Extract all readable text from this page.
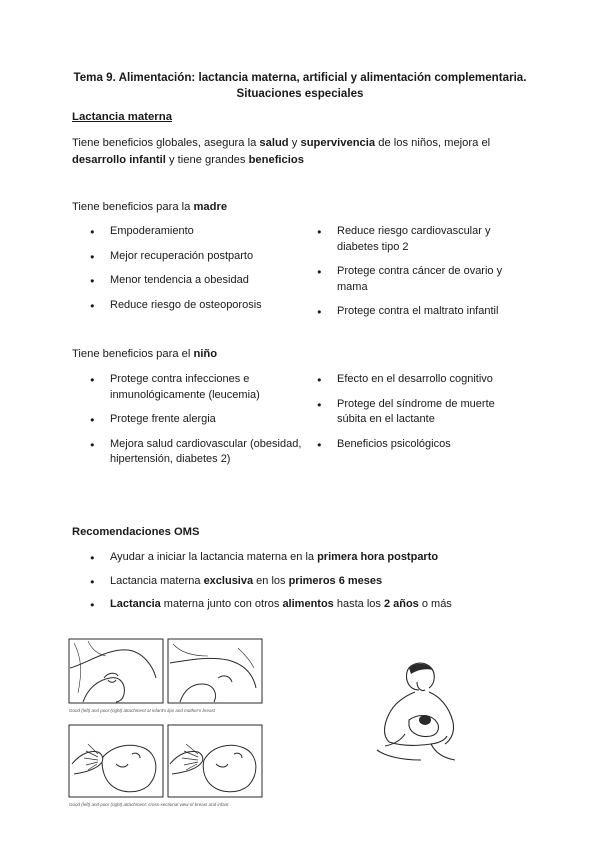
Tema 9. Alimentación: lactancia materna, artificial y alimentación complementaria.
Situaciones especiales
Lactancia materna
Tiene beneficios globales, asegura la salud y supervivencia de los niños, mejora el desarrollo infantil y tiene grandes beneficios
Tiene beneficios para la madre
● Empoderamiento
● Mejor recuperación postparto
● Menor tendencia a obesidad
● Reduce riesgo de osteoporosis
● Reduce riesgo cardiovascular y diabetes tipo 2
● Protege contra cáncer de ovario y mama
● Protege contra el maltrato infantil
Tiene beneficios para el niño
● Protege contra infecciones e inmunológicamente (leucemia)
● Protege frente alergia
● Mejora salud cardiovascular (obesidad, hipertensión, diabetes 2)
● Efecto en el desarrollo cognitivo
● Protege del síndrome de muerte súbita en el lactante
● Beneficios psicológicos
Recomendaciones OMS
● Ayudar a iniciar la lactancia materna en la primera hora postparto
● Lactancia materna exclusiva en los primeros 6 meses
● Lactancia materna junto con otros alimentos hasta los 2 años o más
Good (left) and poor (right) attachment at infant's lips and mother's breast
Good (left) and poor (right) attachment: cross-sectional view of breast and infant
